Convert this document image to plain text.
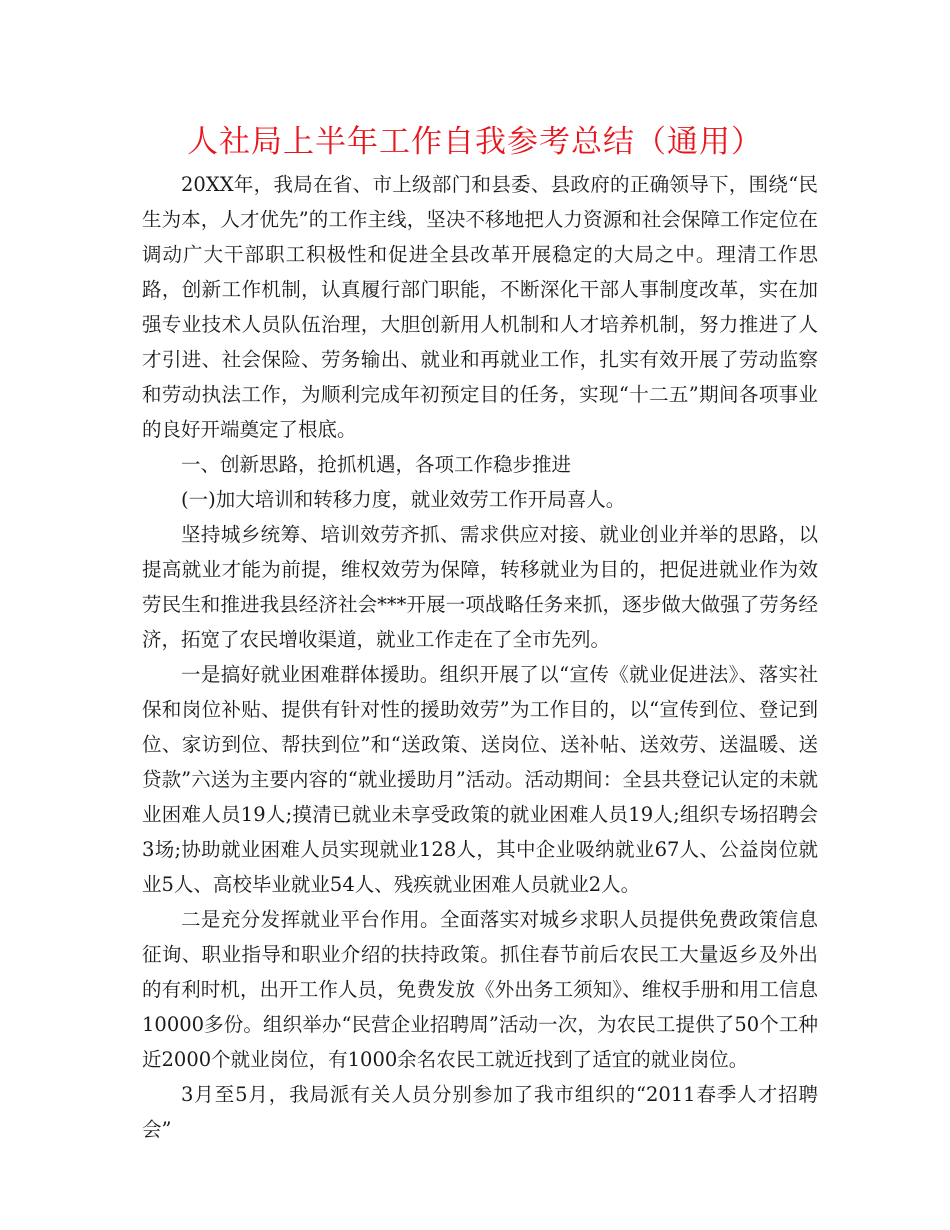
人社局上半年工作自我参考总结（通用）

20XX年，我局在省、市上级部门和县委、县政府的正确领导下，围绕“民生为本，人才优先”的工作主线，坚决不移地把人力资源和社会保障工作定位在调动广大干部职工积极性和促进全县改革开展稳定的大局之中。理清工作思路，创新工作机制，认真履行部门职能，不断深化干部人事制度改革，实在加强专业技术人员队伍治理，大胆创新用人机制和人才培养机制，努力推进了人才引进、社会保险、劳务输出、就业和再就业工作，扎实有效开展了劳动监察和劳动执法工作，为顺利完成年初预定目的任务，实现“十二五”期间各项事业的良好开端奠定了根底。

一、创新思路，抢抓机遇，各项工作稳步推进

(一)加大培训和转移力度，就业效劳工作开局喜人。

坚持城乡统筹、培训效劳齐抓、需求供应对接、就业创业并举的思路，以提高就业才能为前提，维权效劳为保障，转移就业为目的，把促进就业作为效劳民生和推进我县经济社会***开展一项战略任务来抓，逐步做大做强了劳务经济，拓宽了农民增收渠道，就业工作走在了全市先列。

一是搞好就业困难群体援助。组织开展了以“宣传《就业促进法》、落实社保和岗位补贴、提供有针对性的援助效劳”为工作目的，以“宣传到位、登记到位、家访到位、帮扶到位”和“送政策、送岗位、送补帖、送效劳、送温暖、送贷款”六送为主要内容的“就业援助月”活动。活动期间：全县共登记认定的未就业困难人员19人;摸清已就业未享受政策的就业困难人员19人;组织专场招聘会3场;协助就业困难人员实现就业128人，其中企业吸纳就业67人、公益岗位就业5人、高校毕业就业54人、残疾就业困难人员就业2人。

二是充分发挥就业平台作用。全面落实对城乡求职人员提供免费政策信息征询、职业指导和职业介绍的扶持政策。抓住春节前后农民工大量返乡及外出的有利时机，出开工作人员，免费发放《外出务工须知》、维权手册和用工信息10000多份。组织举办“民营企业招聘周”活动一次，为农民工提供了50个工种近2000个就业岗位，有1000余名农民工就近找到了适宜的就业岗位。

3月至5月，我局派有关人员分别参加了我市组织的“2011春季人才招聘会”
